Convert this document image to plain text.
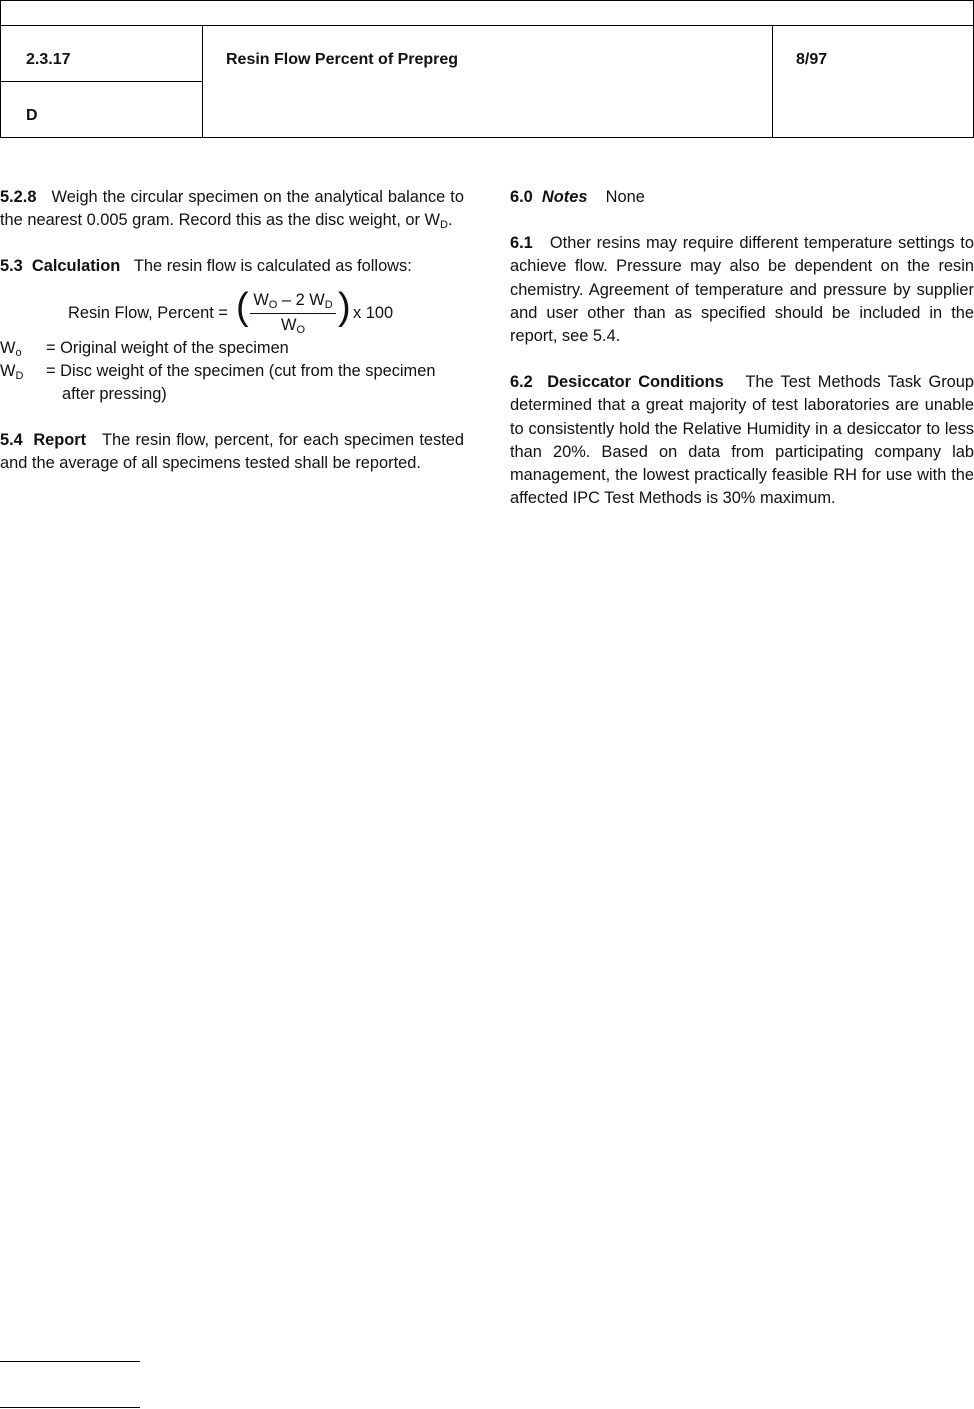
2.3.17
D
Resin Flow Percent of Prepreg	8/97

5.2.8 Weigh the circular specimen on the analytical balance to the nearest 0.005 gram. Record this as the disc weight, or $W_D$.

5.3 Calculation The resin flow is calculated as follows:

Resin Flow, Percent = ( $W_O - 2$ $W_D$
$W_O$
) x 100
$W_o$	= Original weight of the specimen
$W_D$	= Disc weight of the specimen (cut from the specimen
after pressing)

5.4 Report The resin flow, percent, for each specimen tested and the average of all specimens tested shall be reported.

6.0 Notes None

6.1 Other resins may require different temperature settings to achieve flow. Pressure may also be dependent on the resin chemistry. Agreement of temperature and pressure by supplier and user other than as specified should be included in the report, see 5.4.

6.2 Desiccator Conditions The Test Methods Task Group determined that a great majority of test laboratories are unable to consistently hold the Relative Humidity in a desiccator to less than 20%. Based on data from participating company lab management, the lowest practically feasible RH for use with the affected IPC Test Methods is 30% maximum.
